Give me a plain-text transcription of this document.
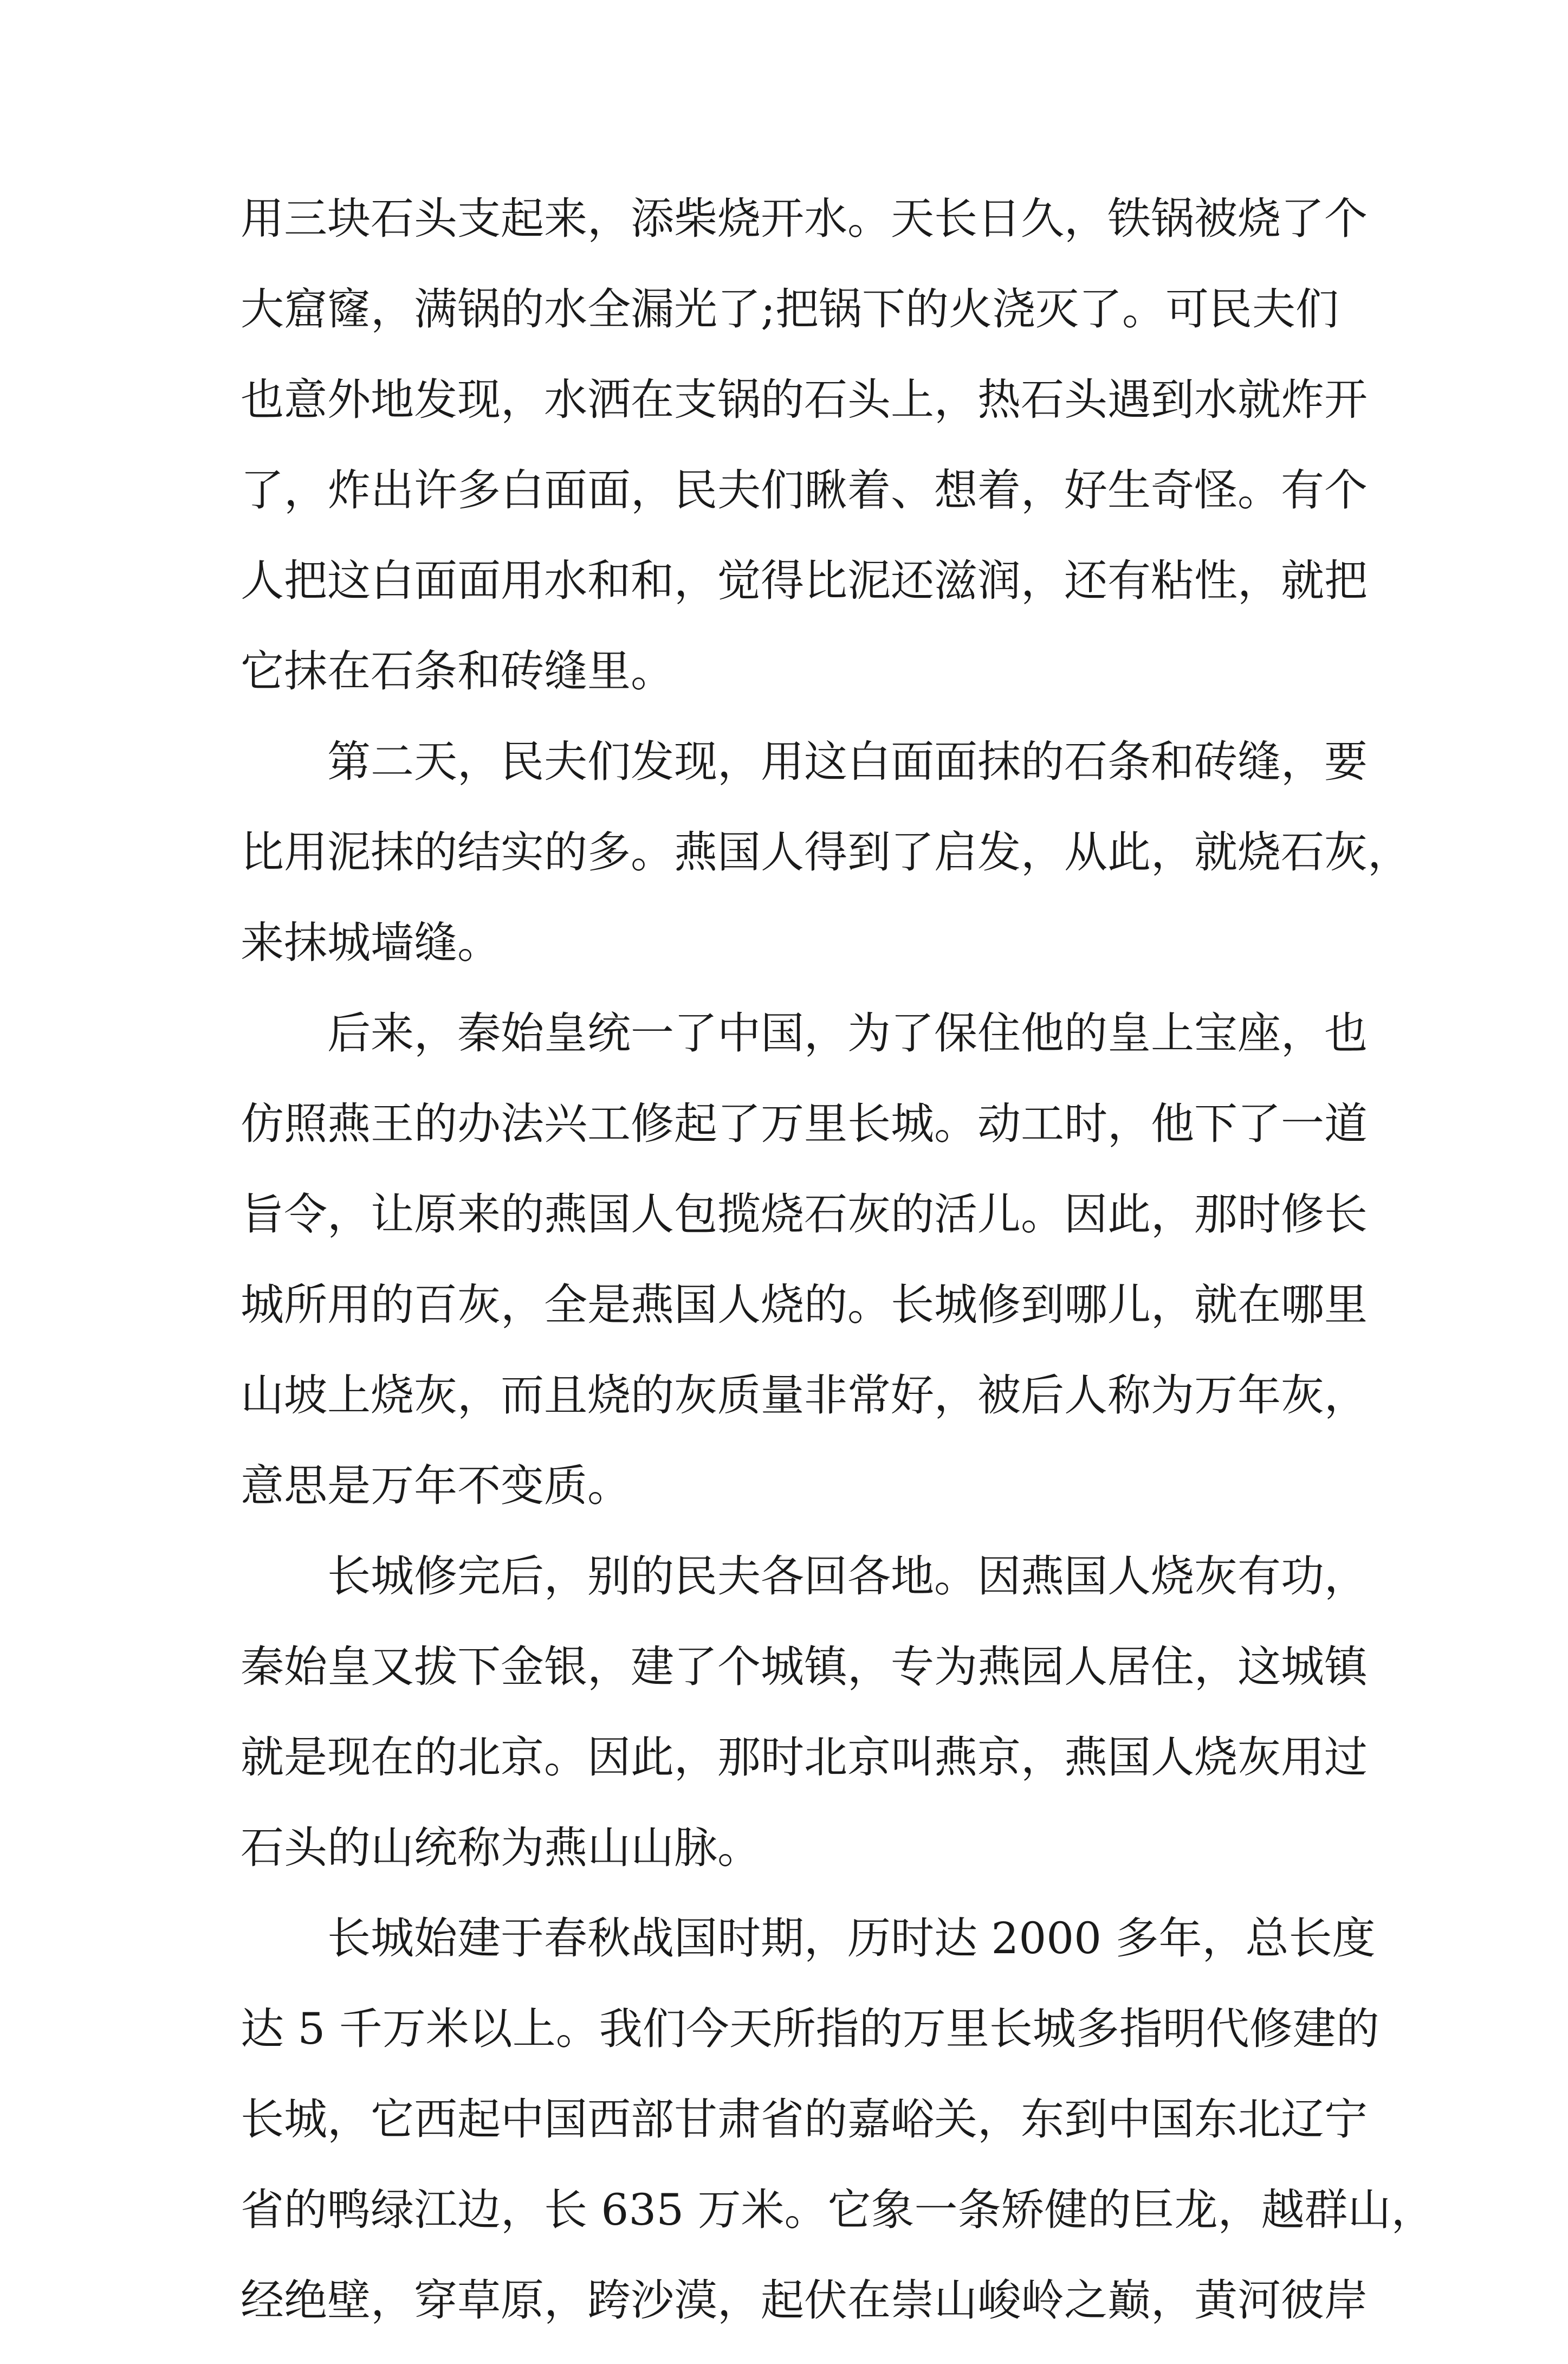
用三块石头支起来，添柴烧开水。天长日久，铁锅被烧了个
大窟窿，满锅的水全漏光了;把锅下的火浇灭了。可民夫们
也意外地发现，水洒在支锅的石头上，热石头遇到水就炸开
了，炸出许多白面面，民夫们瞅着、想着，好生奇怪。有个
人把这白面面用水和和，觉得比泥还滋润，还有粘性，就把
它抹在石条和砖缝里。
第二天，民夫们发现，用这白面面抹的石条和砖缝，要
比用泥抹的结实的多。燕国人得到了启发，从此，就烧石灰，
来抹城墙缝。
后来，秦始皇统一了中国，为了保住他的皇上宝座，也
仿照燕王的办法兴工修起了万里长城。动工时，他下了一道
旨令，让原来的燕国人包揽烧石灰的活儿。因此，那时修长
城所用的百灰，全是燕国人烧的。长城修到哪儿，就在哪里
山坡上烧灰，而且烧的灰质量非常好，被后人称为万年灰，
意思是万年不变质。
长城修完后，别的民夫各回各地。因燕国人烧灰有功，
秦始皇又拔下金银，建了个城镇，专为燕园人居住，这城镇
就是现在的北京。因此，那时北京叫燕京，燕国人烧灰用过
石头的山统称为燕山山脉。
长城始建于春秋战国时期，历时达 2000 多年，总长度
达 5 千万米以上。我们今天所指的万里长城多指明代修建的
长城，它西起中国西部甘肃省的嘉峪关，东到中国东北辽宁
省的鸭绿江边，长 635 万米。它象一条矫健的巨龙，越群山，
经绝壁，穿草原，跨沙漠，起伏在崇山峻岭之巅，黄河彼岸
